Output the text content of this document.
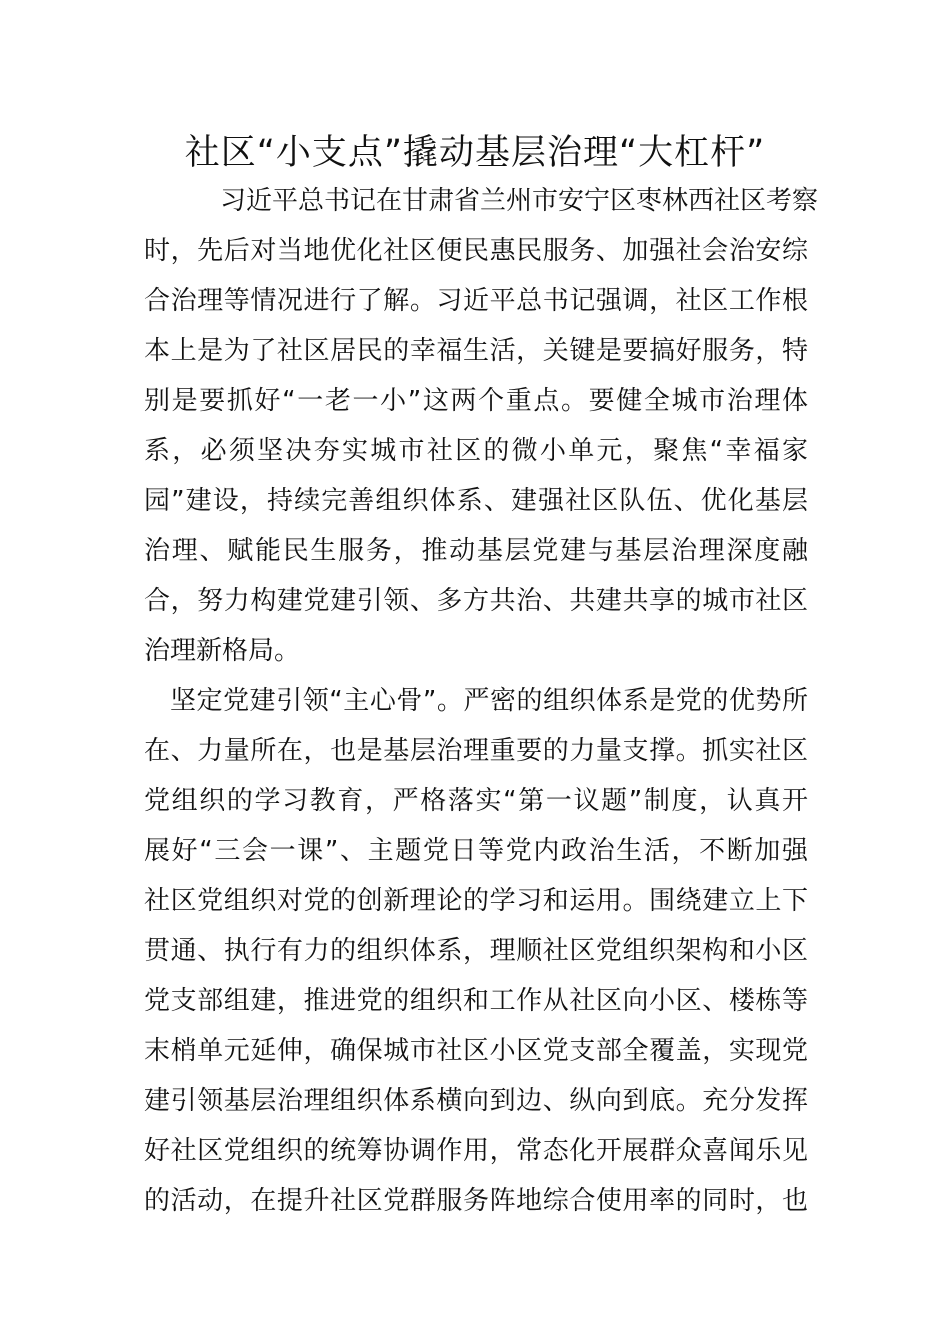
社区“小支点”撬动基层治理“大杠杆”
习近平总书记在甘肃省兰州市安宁区枣林西社区考察
时，先后对当地优化社区便民惠民服务、加强社会治安综
合治理等情况进行了解。习近平总书记强调，社区工作根
本上是为了社区居民的幸福生活，关键是要搞好服务，特
别是要抓好“一老一小”这两个重点。要健全城市治理体
系，必须坚决夯实城市社区的微小单元，聚焦“幸福家
园”建设，持续完善组织体系、建强社区队伍、优化基层
治理、赋能民生服务，推动基层党建与基层治理深度融
合，努力构建党建引领、多方共治、共建共享的城市社区
治理新格局。
坚定党建引领“主心骨”。严密的组织体系是党的优势所
在、力量所在，也是基层治理重要的力量支撑。抓实社区
党组织的学习教育，严格落实“第一议题”制度，认真开
展好“三会一课”、主题党日等党内政治生活，不断加强
社区党组织对党的创新理论的学习和运用。围绕建立上下
贯通、执行有力的组织体系，理顺社区党组织架构和小区
党支部组建，推进党的组织和工作从社区向小区、楼栋等
末梢单元延伸，确保城市社区小区党支部全覆盖，实现党
建引领基层治理组织体系横向到边、纵向到底。充分发挥
好社区党组织的统筹协调作用，常态化开展群众喜闻乐见
的活动，在提升社区党群服务阵地综合使用率的同时，也
